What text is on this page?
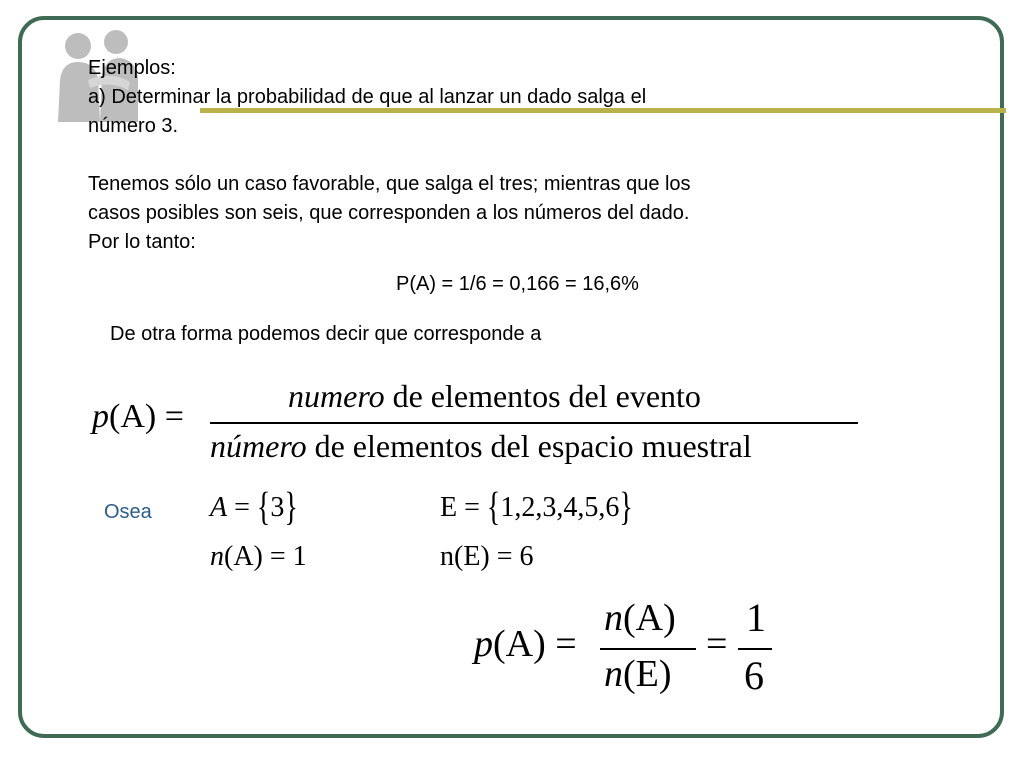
Ejemplos:
a) Determinar la probabilidad de que al lanzar un dado salga el
número 3.
Tenemos sólo un caso favorable, que salga el tres; mientras que los
casos posibles son seis, que corresponden a los números del dado.
Por lo tanto:
P(A) = 1/6 = 0,166 = 16,6%
De otra forma podemos decir que corresponde a
p(A) =
numero de elementos del evento
número de elementos del espacio muestral
Osea A = {3}	E = {1,2,3,4,5,6}
n(A) = 1	n(E) = 6
p(A) =
n(A)
n(E)
=
1
6
